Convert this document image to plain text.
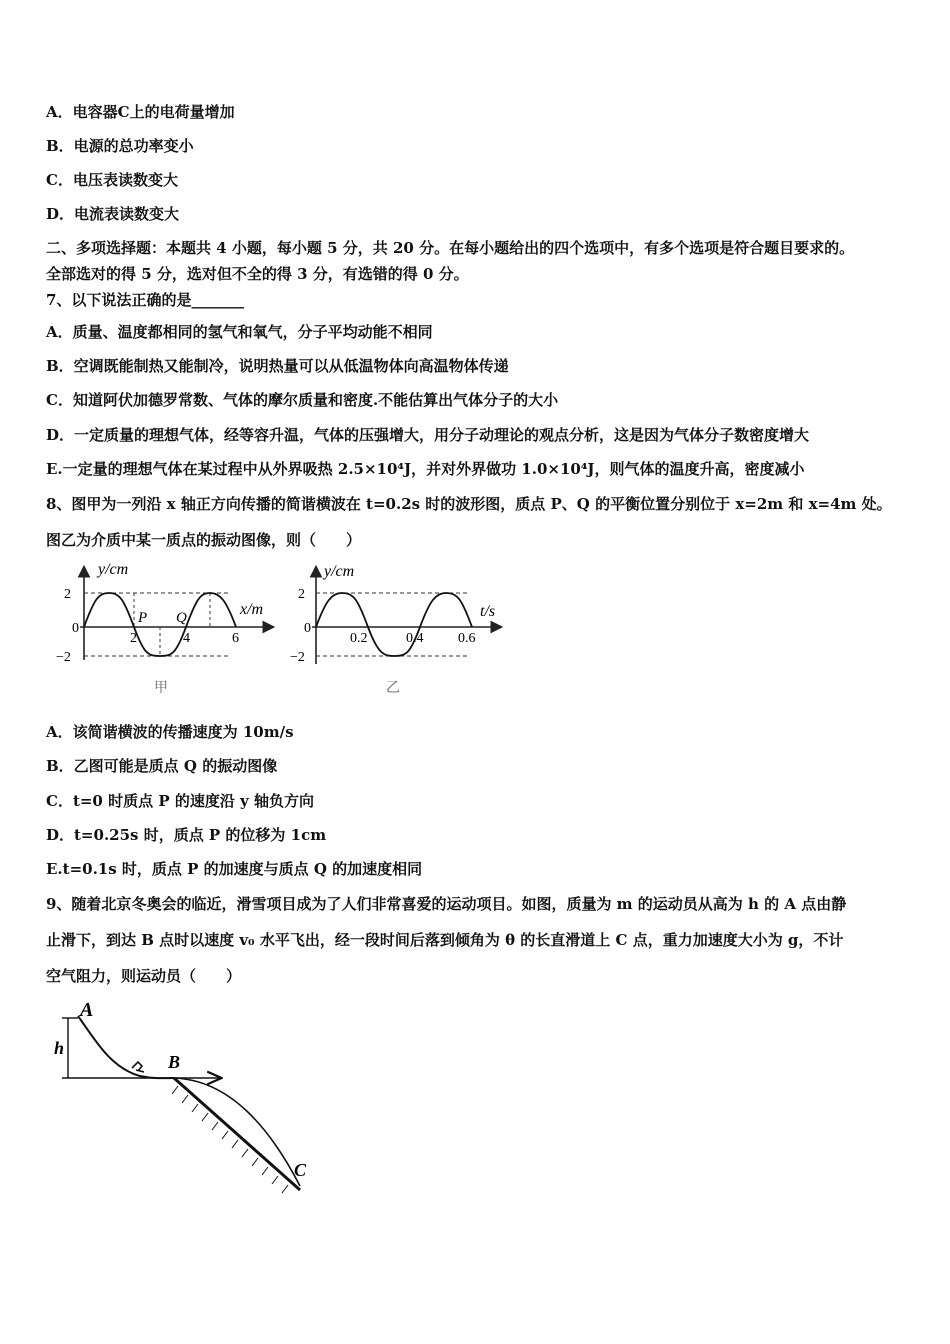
A．电容器C上的电荷量增加
B．电源的总功率变小
C．电压表读数变大
D．电流表读数变大
二、多项选择题：本题共 4 小题，每小题 5 分，共 20 分。在每小题给出的四个选项中，有多个选项是符合题目要求的。
全部选对的得 5 分，选对但不全的得 3 分，有选错的得 0 分。
7、以下说法正确的是_______
A．质量、温度都相同的氢气和氧气，分子平均动能不相同
B．空调既能制热又能制冷，说明热量可以从低温物体向高温物体传递
C．知道阿伏加德罗常数、气体的摩尔质量和密度.不能估算出气体分子的大小
D．一定质量的理想气体，经等容升温，气体的压强增大，用分子动理论的观点分析，这是因为气体分子数密度增大
E.一定量的理想气体在某过程中从外界吸热 2.5×10⁴J，并对外界做功 1.0×10⁴J，则气体的温度升高，密度减小
8、图甲为一列沿 x 轴正方向传播的简谐横波在 t=0.2s 时的波形图，质点 P、Q 的平衡位置分别位于 x=2m 和 x=4m 处。
图乙为介质中某一质点的振动图像，则（　　）
y/cm
x/m
2
−2
0
2	4	6
P Q
甲
y/cm
t/s
2
−2
0
0.2	0.4 0.6
乙
A．该简谐横波的传播速度为 10m/s
B．乙图可能是质点 Q 的振动图像
C．t=0 时质点 P 的速度沿 y 轴负方向
D．t=0.25s 时，质点 P 的位移为 1cm
E.t=0.1s 时，质点 P 的加速度与质点 Q 的加速度相同
9、随着北京冬奥会的临近，滑雪项目成为了人们非常喜爱的运动项目。如图，质量为 m 的运动员从高为 h 的 A 点由静
止滑下，到达 B 点时以速度 v₀ 水平飞出，经一段时间后落到倾角为 θ 的长直滑道上 C 点，重力加速度大小为 g，不计
空气阻力，则运动员（　　）
A
B
C
h
